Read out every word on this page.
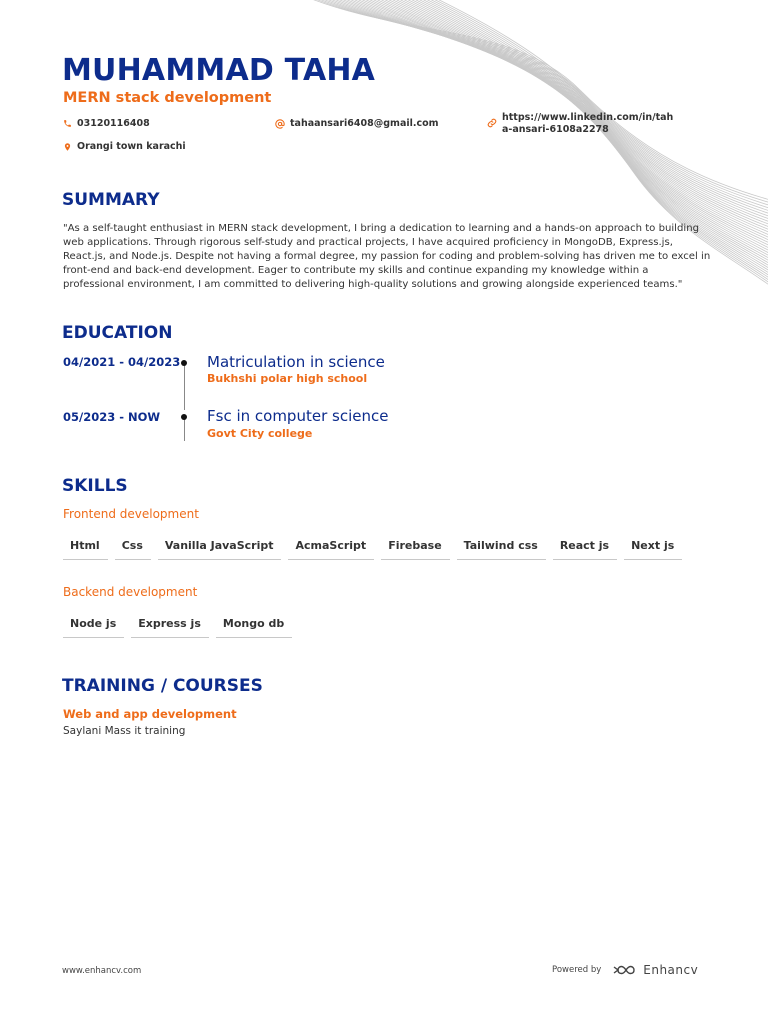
MUHAMMAD TAHA
MERN stack development
03120116408	tahaansari6408@gmail.com
https://www.linkedin.com/in/taha-ansari-6108a2278
Orangi town karachi
SUMMARY

"As a self-taught enthusiast in MERN stack development, I bring a dedication to learning and a hands-on approach to building web applications. Through rigorous self-study and practical projects, I have acquired proficiency in MongoDB, Express.js, React.js, and Node.js. Despite not having a formal degree, my passion for coding and problem-solving has driven me to excel in front-end and back-end development. Eager to contribute my skills and continue expanding my knowledge within a professional environment, I am committed to delivering high-quality solutions and growing alongside experienced teams."

EDUCATION
04/2021 - 04/2023 Matriculation in science
Bukhshi polar high school
05/2023 - NOW	Fsc in computer science
Govt City college
SKILLS
Frontend development
Html	Css	Vanilla JavaScript	AcmaScript	Firebase	Tailwind css	React js	Next js
Backend development
Node js	Express js	Mongo db
TRAINING / COURSES
Web and app development
Saylani Mass it training
www.enhancv.com	Powered by	Enhancv
